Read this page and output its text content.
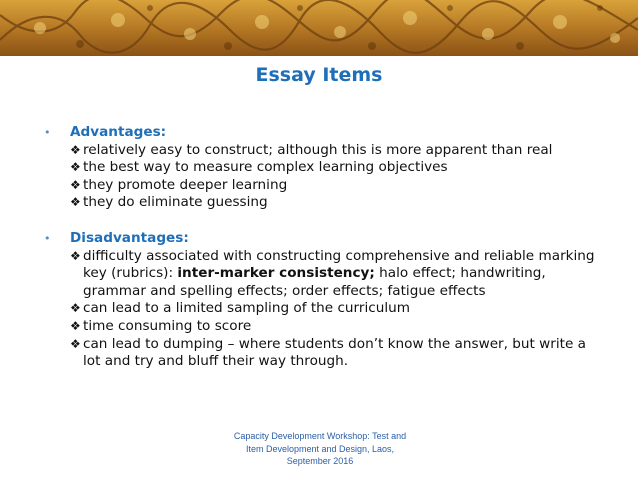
Essay Items
• Advantages:
❖ relatively easy to construct; although this is more apparent than real
❖ the best way to measure complex learning objectives
❖ they promote deeper learning
❖ they do eliminate guessing
• Disadvantages:
❖ difficulty associated with constructing comprehensive and reliable marking key (rubrics): inter-marker consistency; halo effect; handwriting, grammar and spelling effects; order effects; fatigue effects
❖ can lead to a limited sampling of the curriculum
❖ time consuming to score
❖ can lead to dumping – where students don’t know the answer, but write a lot and try and bluff their way through.
Capacity Development Workshop: Test and
Item Development and Design, Laos,
September 2016
